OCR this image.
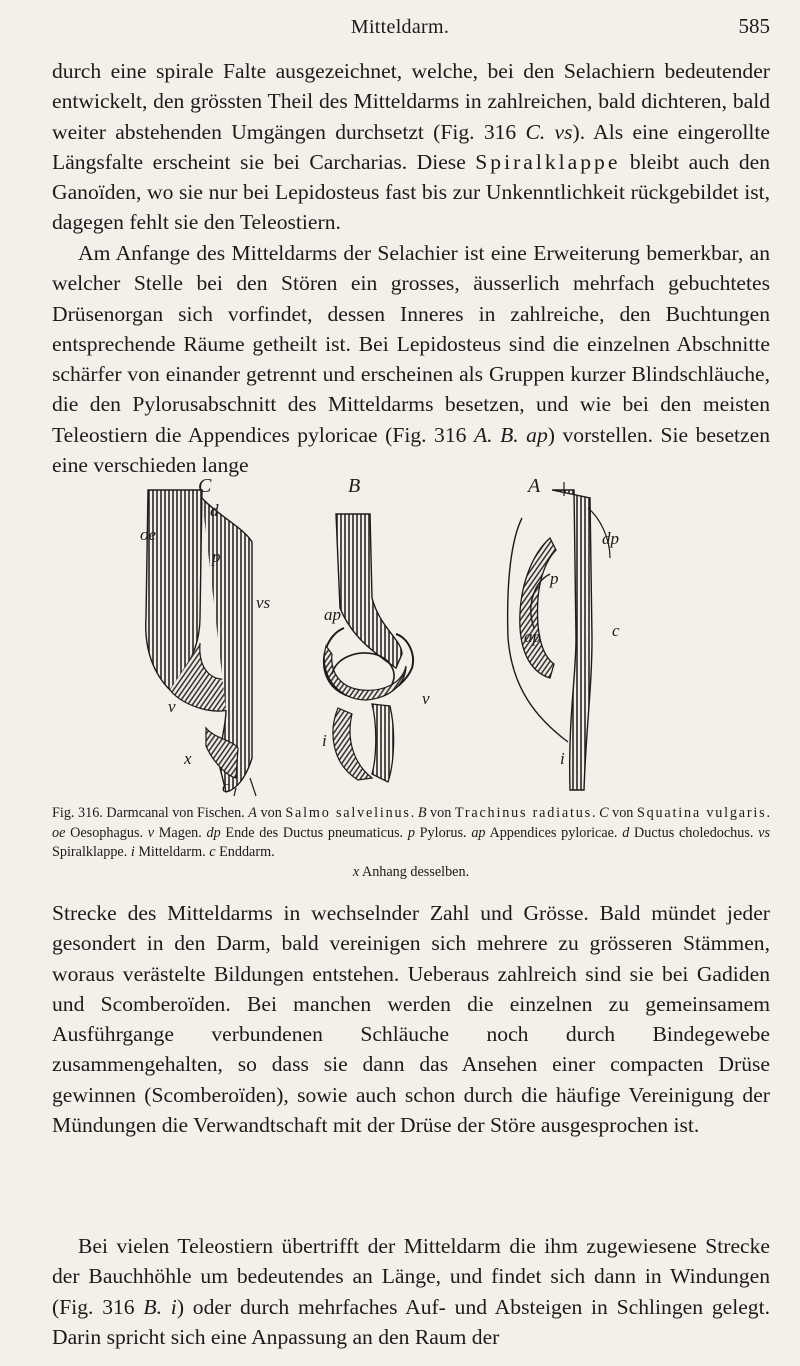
Mitteldarm.	585

durch eine spirale Falte ausgezeichnet, welche, bei den Selachiern bedeutender entwickelt, den grössten Theil des Mitteldarms in zahlreichen, bald dichteren, bald weiter abstehenden Umgängen durchsetzt (Fig. 316 C. vs). Als eine eingerollte Längsfalte erscheint sie bei Carcharias. Diese Spiralklappe bleibt auch den Ganoïden, wo sie nur bei Lepidosteus fast bis zur Unkenntlichkeit rückgebildet ist, dagegen fehlt sie den Teleostiern.

Am Anfange des Mitteldarms der Selachier ist eine Erweiterung bemerkbar, an welcher Stelle bei den Stören ein grosses, äusserlich mehrfach gebuchtetes Drüsenorgan sich vorfindet, dessen Inneres in zahlreiche, den Buchtungen entsprechende Räume getheilt ist. Bei Lepidosteus sind die einzelnen Abschnitte schärfer von einander getrennt und erscheinen als Gruppen kurzer Blindschläuche, die den Pylorusabschnitt des Mitteldarms besetzen, und wie bei den meisten Teleostiern die Appendices pyloricae (Fig. 316 A. B. ap) vorstellen. Sie besetzen eine verschieden lange

C	B	A
oe
d
p
vs
v
x
c
ap
v
i
p
dp
ap	c
i

Fig. 316. Darmcanal von Fischen. A von Salmo salvelinus. B von Trachinus radiatus. C von Squatina vulgaris. oe Oesophagus. v Magen. dp Ende des Ductus pneumaticus. p Pylorus. ap Appendices pyloricae. d Ductus choledochus. vs Spiralklappe. i Mitteldarm. c Enddarm.
x Anhang desselben.

Strecke des Mitteldarms in wechselnder Zahl und Grösse. Bald mündet jeder gesondert in den Darm, bald vereinigen sich mehrere zu grösseren Stämmen, woraus verästelte Bildungen entstehen. Ueberaus zahlreich sind sie bei Gadiden und Scomberoïden. Bei manchen werden die einzelnen zu gemeinsamem Ausführgange verbundenen Schläuche noch durch Bindegewebe zusammengehalten, so dass sie dann das Ansehen einer compacten Drüse gewinnen (Scomberoïden), sowie auch schon durch die häufige Vereinigung der Mündungen die Verwandtschaft mit der Drüse der Störe ausgesprochen ist.

Bei vielen Teleostiern übertrifft der Mitteldarm die ihm zugewiesene Strecke der Bauchhöhle um bedeutendes an Länge, und findet sich dann in Windungen (Fig. 316 B. i) oder durch mehrfaches Auf- und Absteigen in Schlingen gelegt. Darin spricht sich eine Anpassung an den Raum der
